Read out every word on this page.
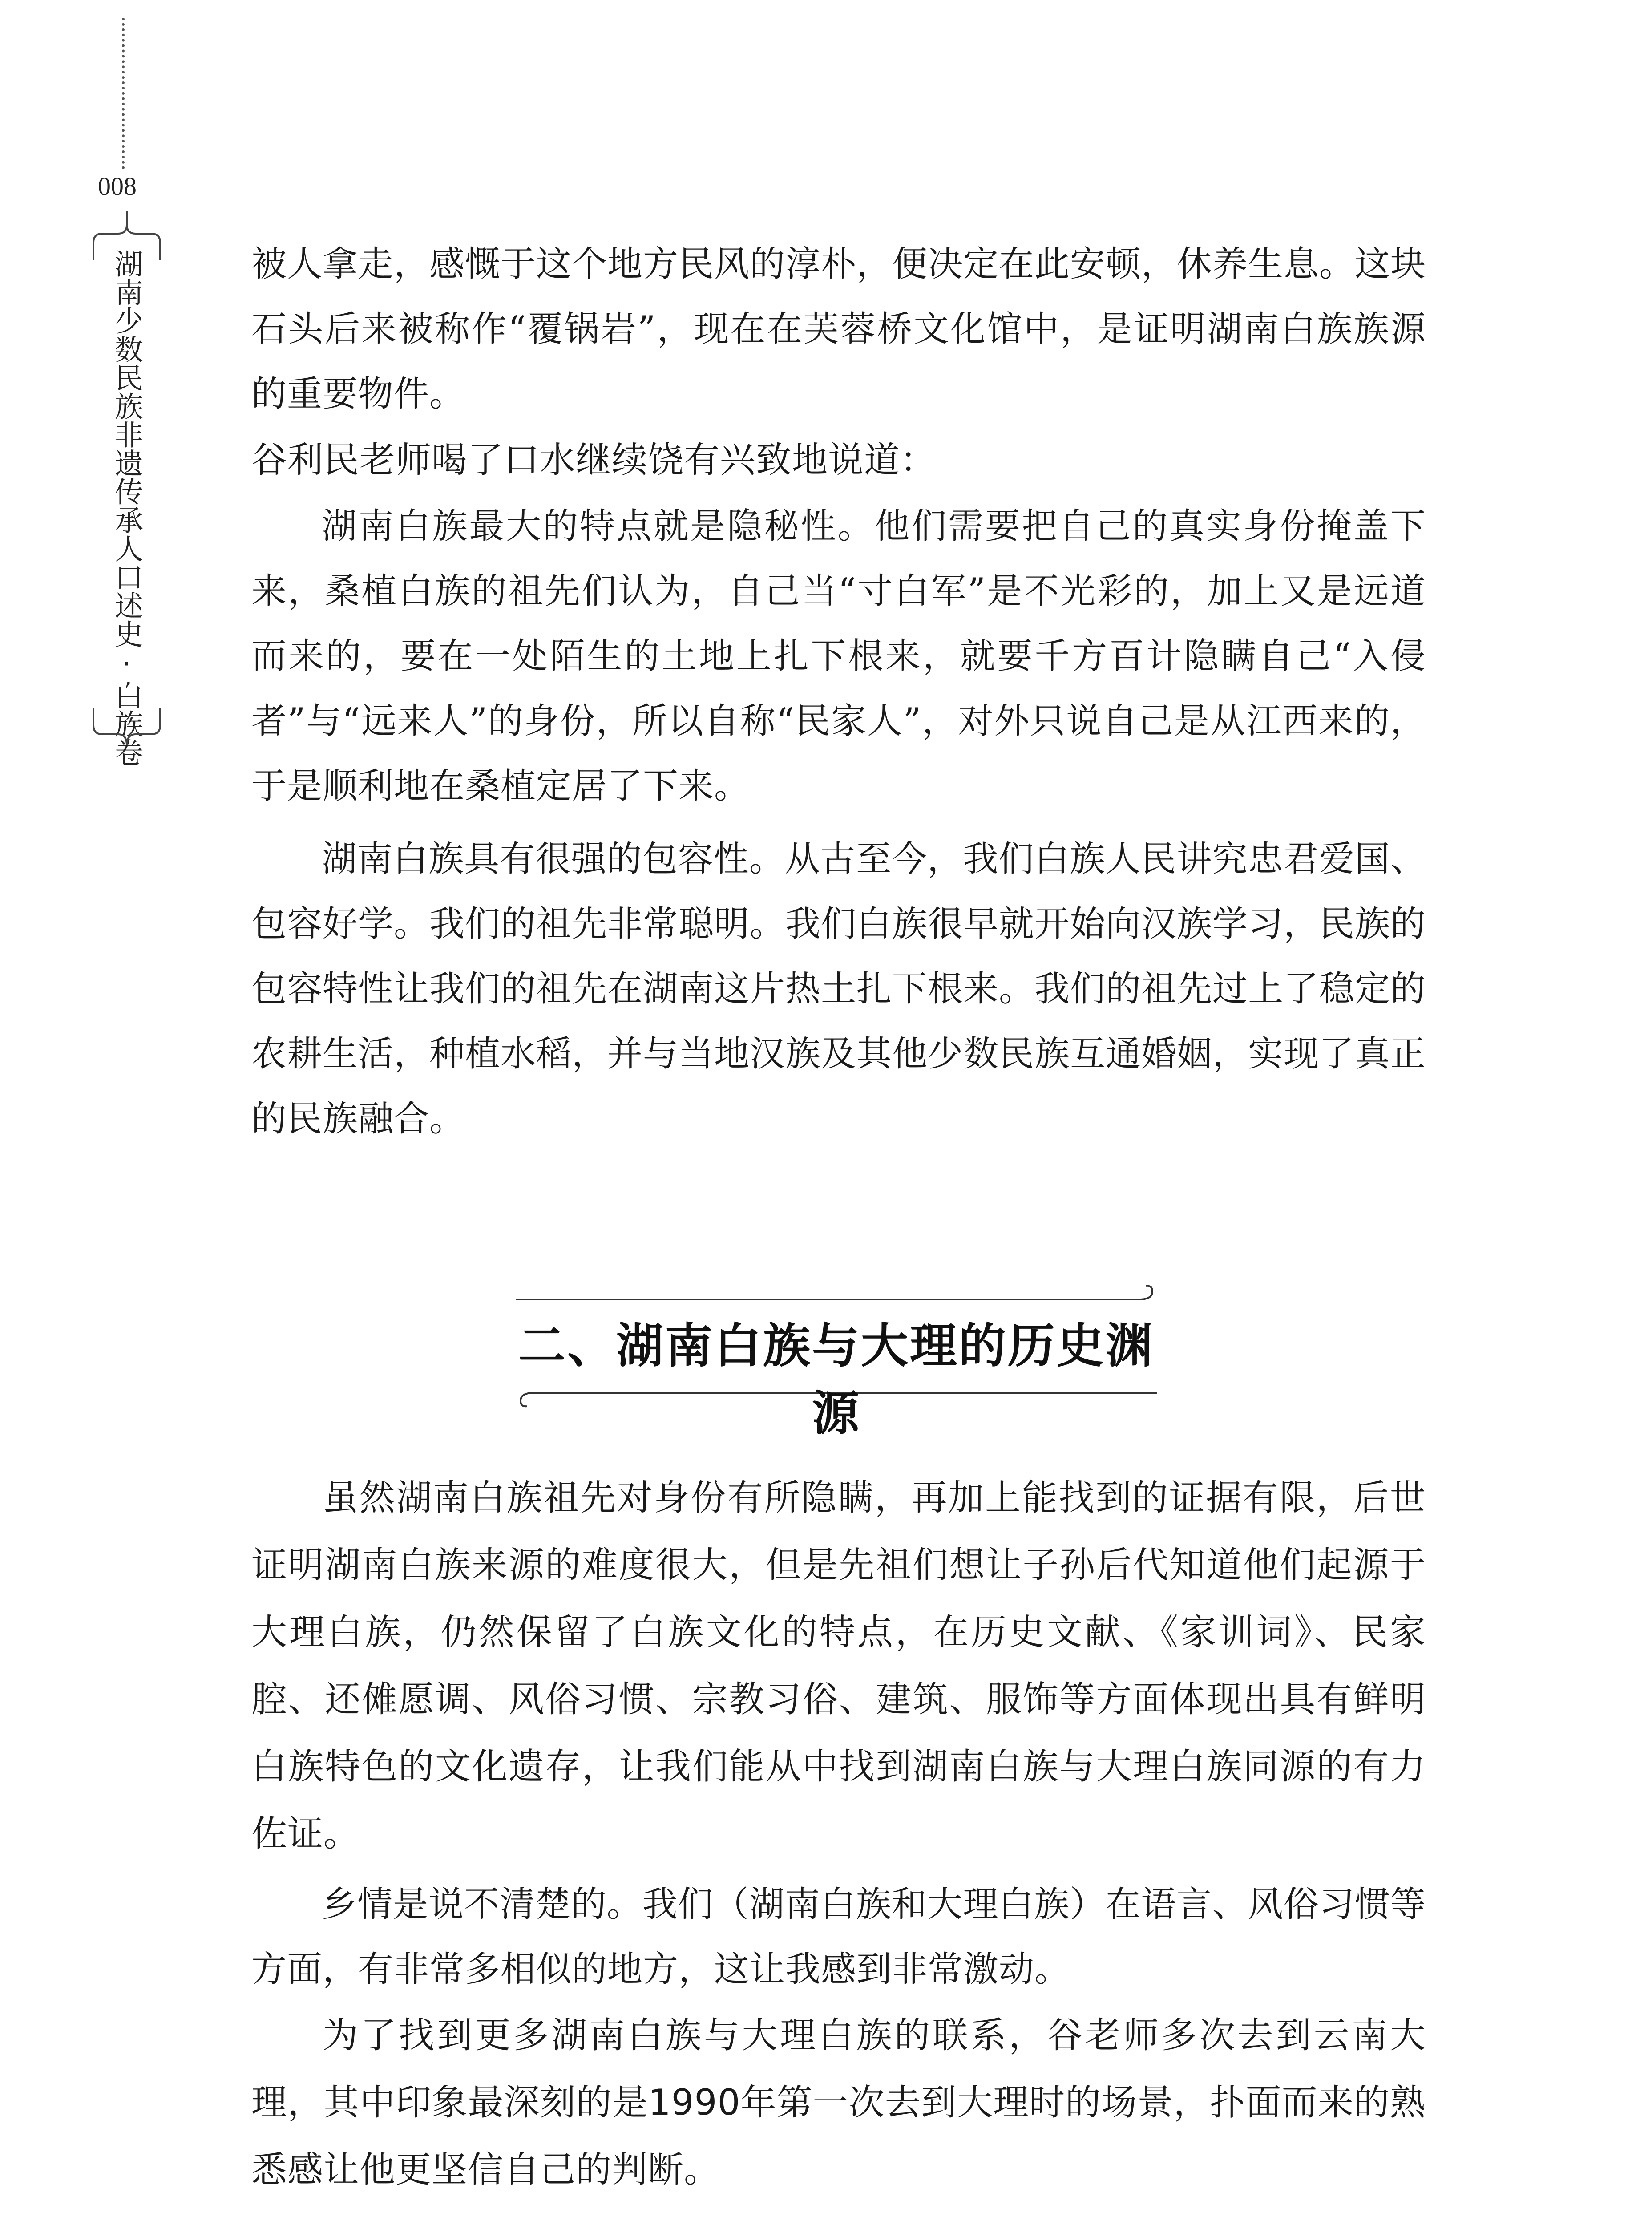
008
湖南少数民族非遗传承人口述史·白族卷	被人拿走，感慨于这个地方民风的淳朴，便决定在此安顿，休养生息。这块石头后来被称作“覆锅岩”，现在在芙蓉桥文化馆中，是证明湖南白族族源的重要物件。

谷利民老师喝了口水继续饶有兴致地说道：

湖南白族最大的特点就是隐秘性。他们需要把自己的真实身份掩盖下来，桑植白族的祖先们认为，自己当“寸白军”是不光彩的，加上又是远道而来的，要在一处陌生的土地上扎下根来，就要千方百计隐瞒自己“入侵者”与“远来人”的身份，所以自称“民家人”，对外只说自己是从江西来的，于是顺利地在桑植定居了下来。

湖南白族具有很强的包容性。从古至今，我们白族人民讲究忠君爱国、包容好学。我们的祖先非常聪明。我们白族很早就开始向汉族学习，民族的包容特性让我们的祖先在湖南这片热土扎下根来。我们的祖先过上了稳定的农耕生活，种植水稻，并与当地汉族及其他少数民族互通婚姻，实现了真正的民族融合。

二、湖南白族与大理的历史渊源

虽然湖南白族祖先对身份有所隐瞒，再加上能找到的证据有限，后世证明湖南白族来源的难度很大，但是先祖们想让子孙后代知道他们起源于大理白族，仍然保留了白族文化的特点，在历史文献、《家训词》、民家腔、还傩愿调、风俗习惯、宗教习俗、建筑、服饰等方面体现出具有鲜明白族特色的文化遗存，让我们能从中找到湖南白族与大理白族同源的有力佐证。

乡情是说不清楚的。我们（湖南白族和大理白族）在语言、风俗习惯等方面，有非常多相似的地方，这让我感到非常激动。

为了找到更多湖南白族与大理白族的联系，谷老师多次去到云南大理，其中印象最深刻的是1990年第一次去到大理时的场景，扑面而来的熟悉感让他更坚信自己的判断。
